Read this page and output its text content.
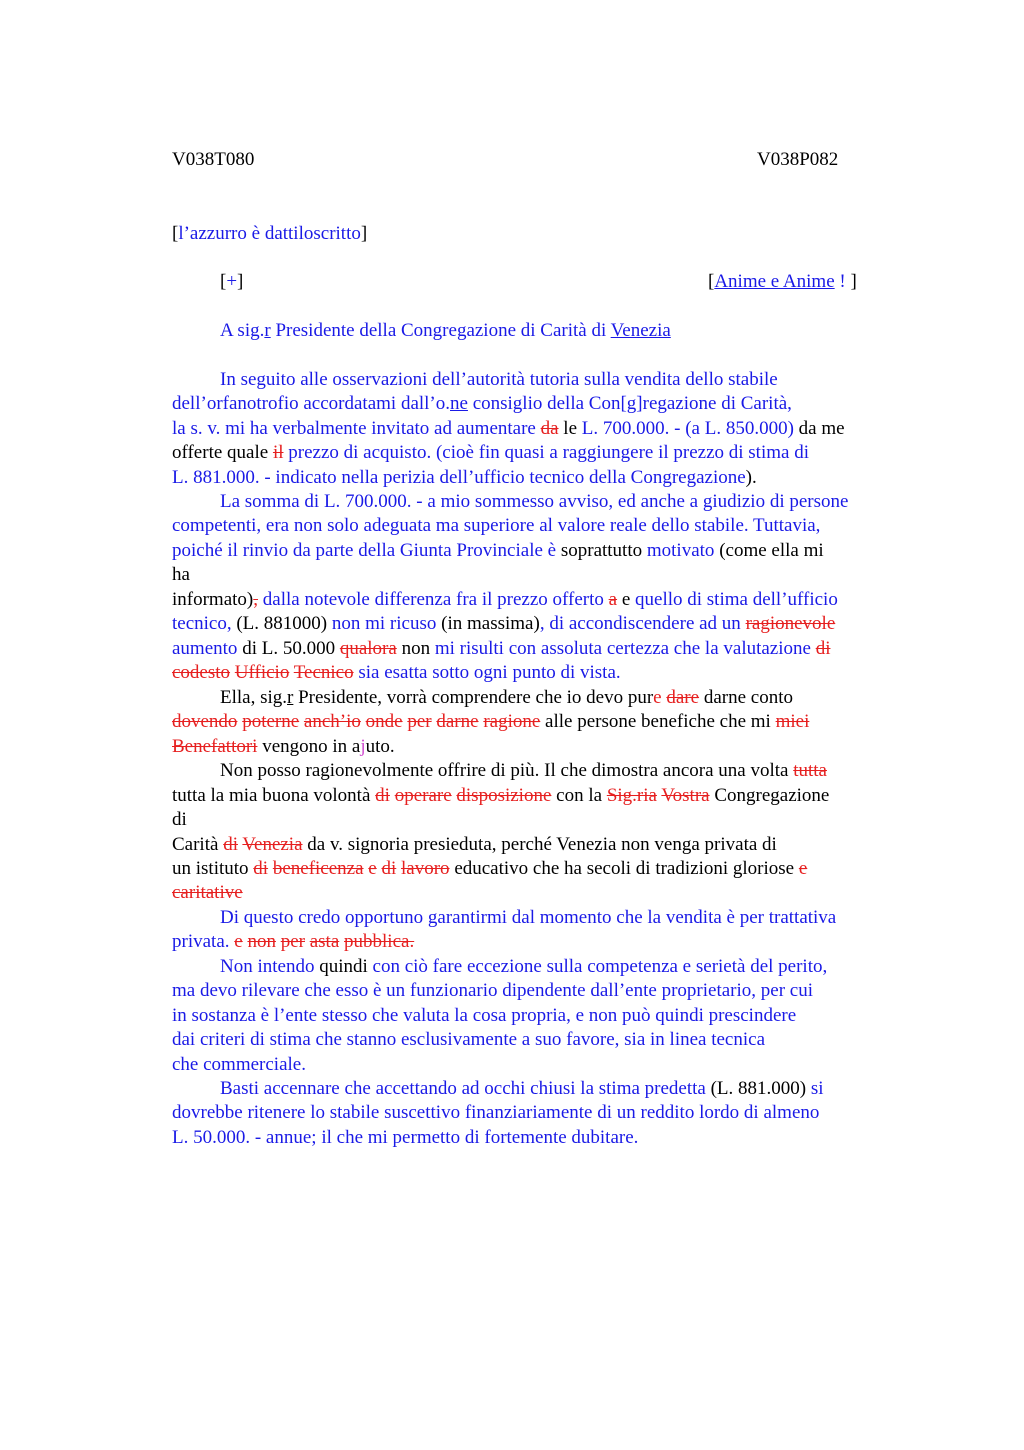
V038T080	V038P082
[l’azzurro è dattiloscritto]
[+]	[Anime e Anime ! ]
A sig.r Presidente della Congregazione di Carità di Venezia
In seguito alle osservazioni dell’autorità tutoria sulla vendita dello stabile
dell’orfanotrofio accordatami dall’o.ne consiglio della Con[g]regazione di Carità,
la s. v. mi ha verbalmente invitato ad aumentare da le L. 700.000. - (a L. 850.000) da me
offerte quale il prezzo di acquisto. (cioè fin quasi a raggiungere il prezzo di stima di
L. 881.000. - indicato nella perizia dell’ufficio tecnico della Congregazione).
La somma di L. 700.000. - a mio sommesso avviso, ed anche a giudizio di persone
competenti, era non solo adeguata ma superiore al valore reale dello stabile. Tuttavia,
poiché il rinvio da parte della Giunta Provinciale è soprattutto motivato (come ella mi
ha
informato), dalla notevole differenza fra il prezzo offerto a e quello di stima dell’ufficio
tecnico, (L. 881000) non mi ricuso (in massima), di accondiscendere ad un ragionevole
aumento di L. 50.000 qualora non mi risulti con assoluta certezza che la valutazione di
codesto Ufficio Tecnico sia esatta sotto ogni punto di vista.
Ella, sig.r Presidente, vorrà comprendere che io devo pure dare darne conto
dovendo poterne anch’io onde per darne ragione alle persone benefiche che mi miei
Benefattori vengono in ajuto.
Non posso ragionevolmente offrire di più. Il che dimostra ancora una volta tutta
tutta la mia buona volontà di operare disposizione con la Sig.ria Vostra Congregazione
di
Carità di Venezia da v. signoria presieduta, perché Venezia non venga privata di
un istituto di beneficenza e di lavoro educativo che ha secoli di tradizioni gloriose e
caritative
Di questo credo opportuno garantirmi dal momento che la vendita è per trattativa
privata. e non per asta pubblica.
Non intendo quindi con ciò fare eccezione sulla competenza e serietà del perito,
ma devo rilevare che esso è un funzionario dipendente dall’ente proprietario, per cui
in sostanza è l’ente stesso che valuta la cosa propria, e non può quindi prescindere
dai criteri di stima che stanno esclusivamente a suo favore, sia in linea tecnica
che commerciale.
Basti accennare che accettando ad occhi chiusi la stima predetta (L. 881.000) si
dovrebbe ritenere lo stabile suscettivo finanziariamente di un reddito lordo di almeno
L. 50.000. - annue; il che mi permetto di fortemente dubitare.
